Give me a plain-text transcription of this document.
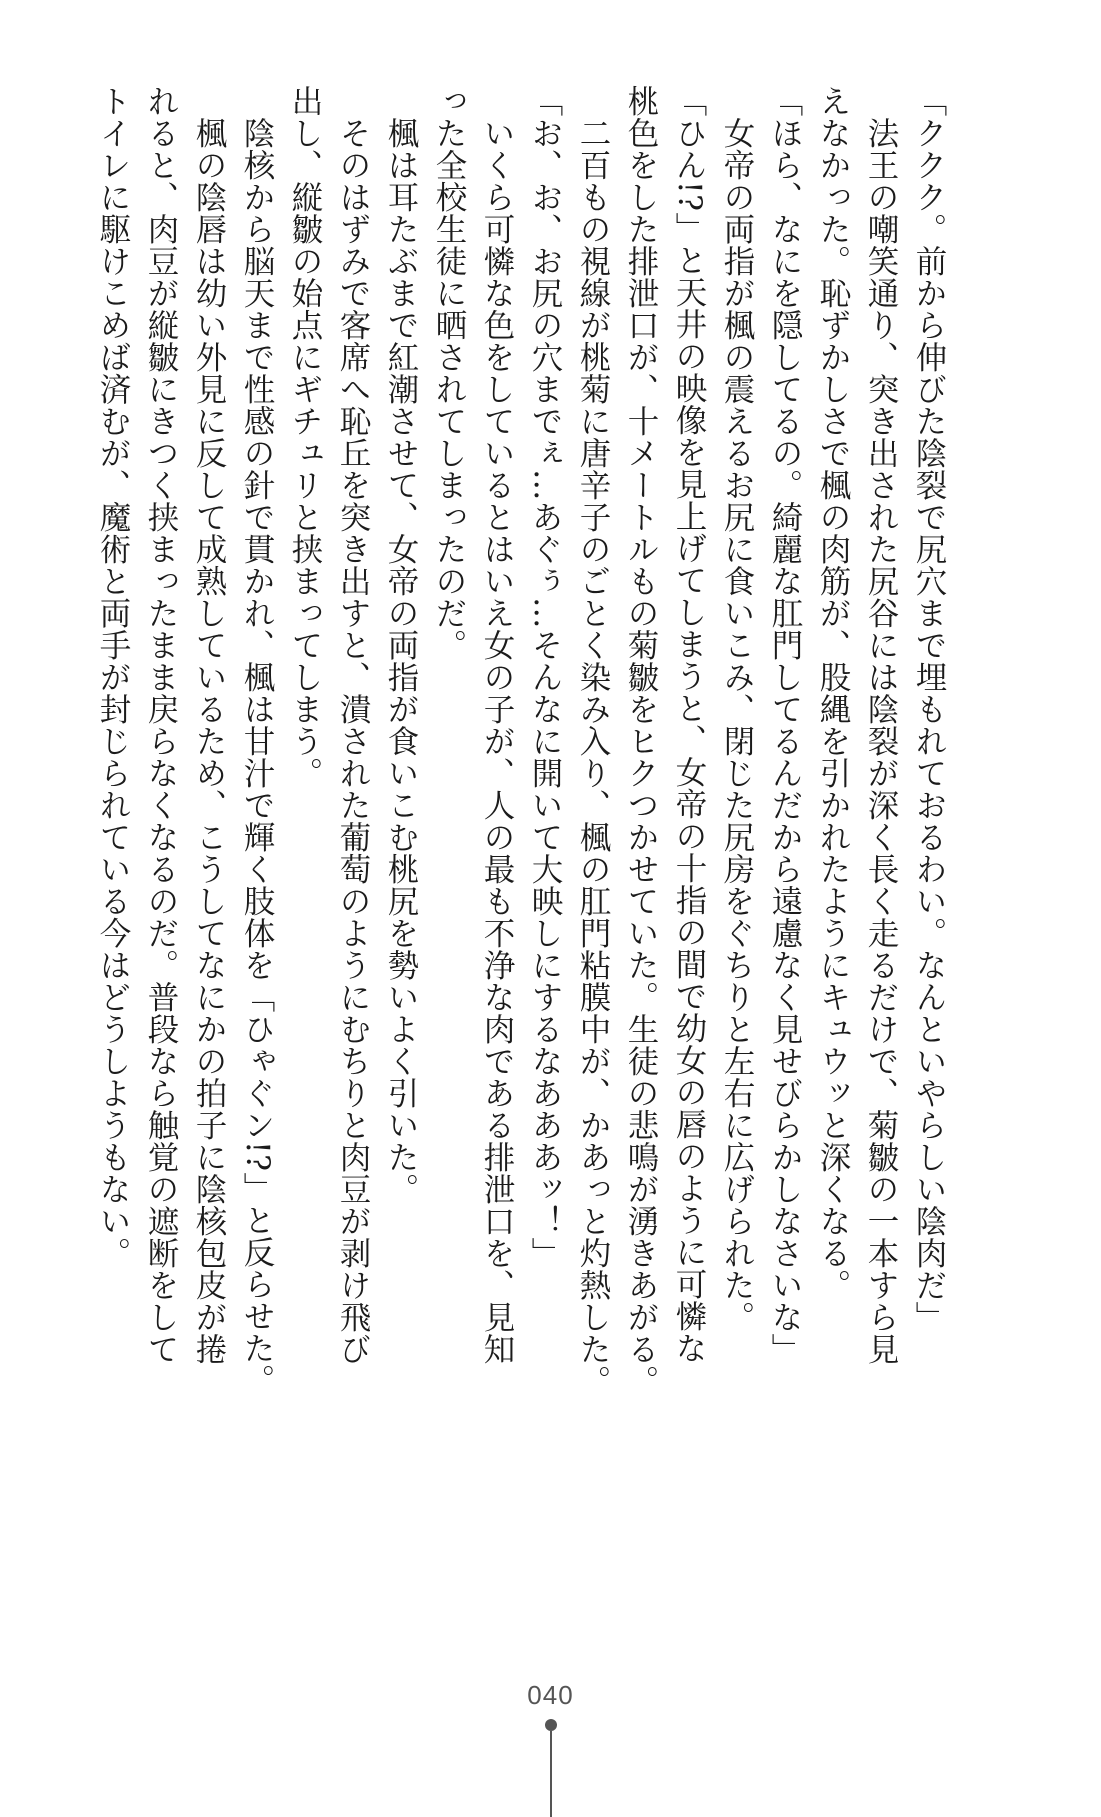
「ククク。前から伸びた陰裂で尻穴まで埋もれておるわい。なんといやらしい陰肉だ」

　法王の嘲笑通り、突き出された尻谷には陰裂が深く長く走るだけで、菊皺の一本すら見

えなかった。恥ずかしさで楓の肉筋が、股縄を引かれたようにキュウッと深くなる。

「ほら、なにを隠してるの。綺麗な肛門してるんだから遠慮なく見せびらかしなさいな」

　女帝の両指が楓の震えるお尻に食いこみ、閉じた尻房をぐちりと左右に広げられた。

「ひん!?」と天井の映像を見上げてしまうと、女帝の十指の間で幼女の唇のように可憐な

桃色をした排泄口が、十メートルもの菊皺をヒクつかせていた。生徒の悲鳴が湧きあがる。

　二百もの視線が桃菊に唐辛子のごとく染み入り、楓の肛門粘膜中が、かあっと灼熱した。

「お、お、お尻の穴までぇ…あぐぅ…そんなに開いて大映しにするなあああッ！」

　いくら可憐な色をしているとはいえ女の子が、人の最も不浄な肉である排泄口を、見知

った全校生徒に晒されてしまったのだ。

　楓は耳たぶまで紅潮させて、女帝の両指が食いこむ桃尻を勢いよく引いた。

　そのはずみで客席へ恥丘を突き出すと、潰された葡萄のようにむちりと肉豆が剥け飛び

出し、縦皺の始点にギチュリと挟まってしまう。

　陰核から脳天まで性感の針で貫かれ、楓は甘汁で輝く肢体を「ひゃぐン!?」と反らせた。

　楓の陰唇は幼い外見に反して成熟しているため、こうしてなにかの拍子に陰核包皮が捲

れると、肉豆が縦皺にきつく挟まったまま戻らなくなるのだ。普段なら触覚の遮断をして

トイレに駆けこめば済むが、魔術と両手が封じられている今はどうしようもない。

040
